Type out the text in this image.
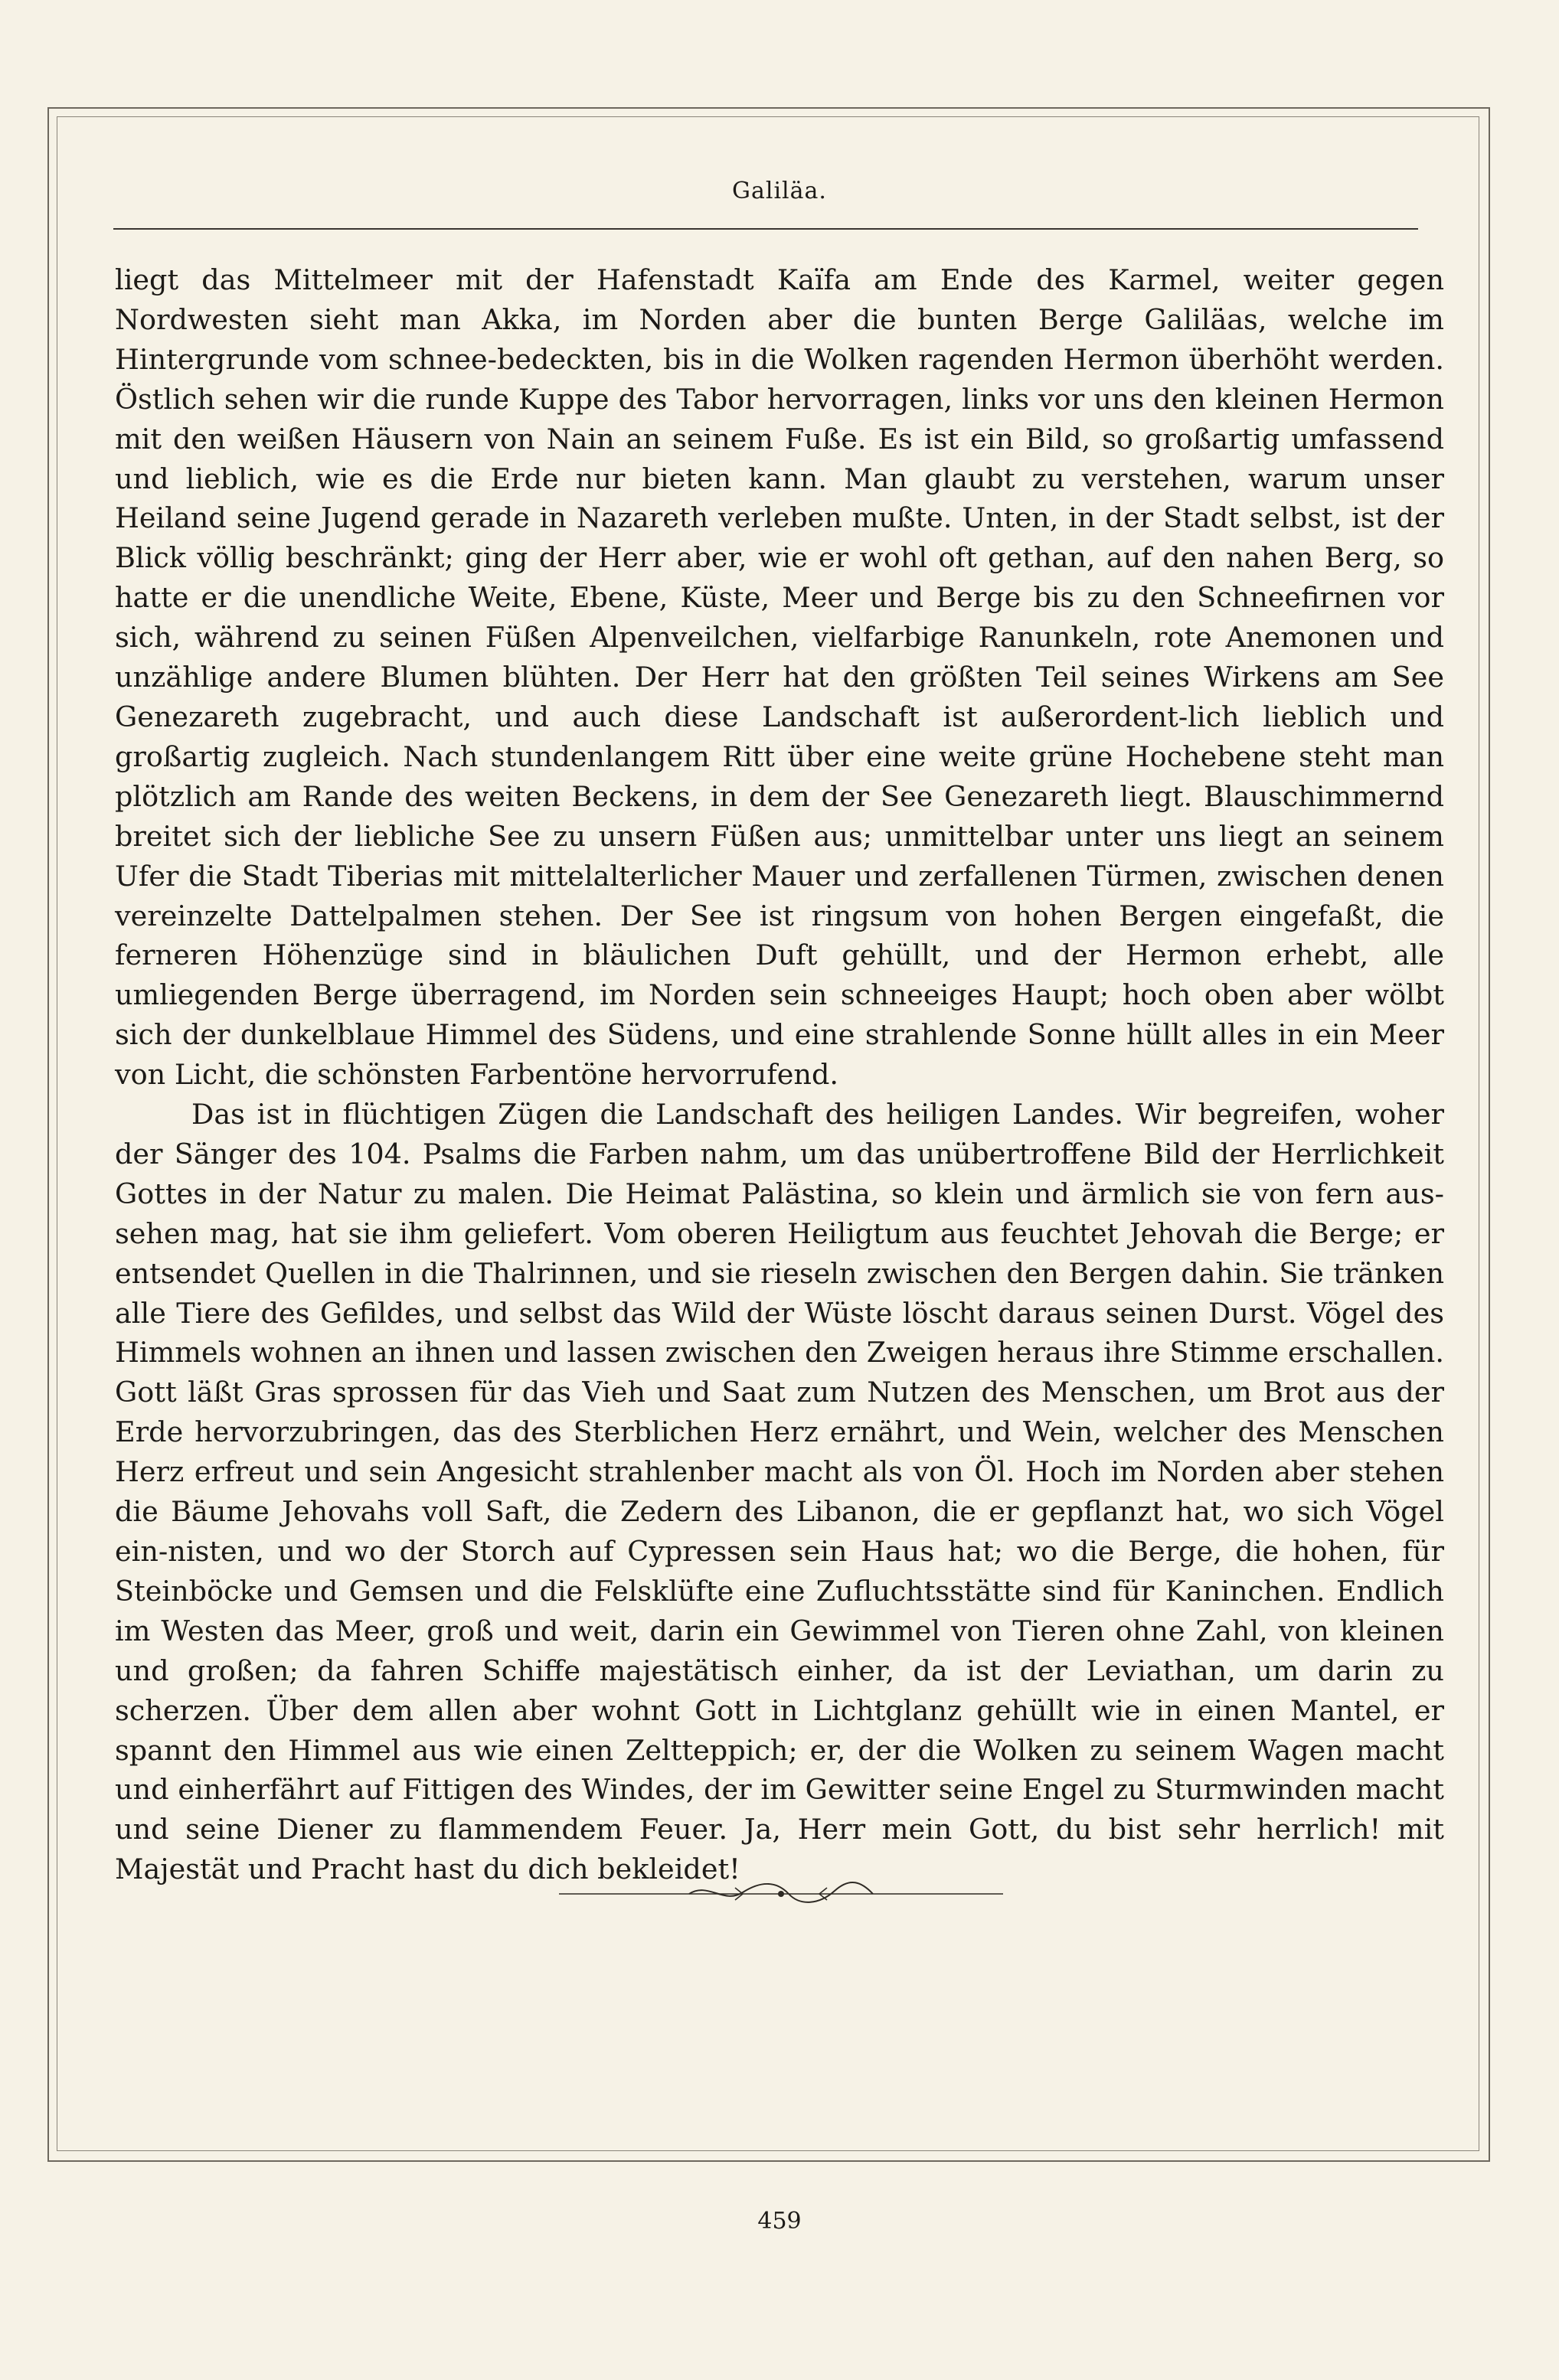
Galiläa.

liegt das Mittelmeer mit der Hafenstadt Kaïfa am Ende des Karmel, weiter gegen Nordwesten sieht man Akka, im Norden aber die bunten Berge Galiläas, welche im Hintergrunde vom schnee-bedeckten, bis in die Wolken ragenden Hermon überhöht werden. Östlich sehen wir die runde Kuppe des Tabor hervorragen, links vor uns den kleinen Hermon mit den weißen Häusern von Nain an seinem Fuße. Es ist ein Bild, so großartig umfassend und lieblich, wie es die Erde nur bieten kann. Man glaubt zu verstehen, warum unser Heiland seine Jugend gerade in Nazareth verleben mußte. Unten, in der Stadt selbst, ist der Blick völlig beschränkt; ging der Herr aber, wie er wohl oft gethan, auf den nahen Berg, so hatte er die unendliche Weite, Ebene, Küste, Meer und Berge bis zu den Schneefirnen vor sich, während zu seinen Füßen Alpenveilchen, vielfarbige Ranunkeln, rote Anemonen und unzählige andere Blumen blühten. Der Herr hat den größten Teil seines Wirkens am See Genezareth zugebracht, und auch diese Landschaft ist außerordent-lich lieblich und großartig zugleich. Nach stundenlangem Ritt über eine weite grüne Hochebene steht man plötzlich am Rande des weiten Beckens, in dem der See Genezareth liegt. Blauschimmernd breitet sich der liebliche See zu unsern Füßen aus; unmittelbar unter uns liegt an seinem Ufer die Stadt Tiberias mit mittelalterlicher Mauer und zerfallenen Türmen, zwischen denen vereinzelte Dattelpalmen stehen. Der See ist ringsum von hohen Bergen eingefaßt, die ferneren Höhenzüge sind in bläulichen Duft gehüllt, und der Hermon erhebt, alle umliegenden Berge überragend, im Norden sein schneeiges Haupt; hoch oben aber wölbt sich der dunkelblaue Himmel des Südens, und eine strahlende Sonne hüllt alles in ein Meer von Licht, die schönsten Farbentöne hervorrufend.

Das ist in flüchtigen Zügen die Landschaft des heiligen Landes. Wir begreifen, woher der Sänger des 104. Psalms die Farben nahm, um das unübertroffene Bild der Herrlichkeit Gottes in der Natur zu malen. Die Heimat Palästina, so klein und ärmlich sie von fern aus-sehen mag, hat sie ihm geliefert. Vom oberen Heiligtum aus feuchtet Jehovah die Berge; er entsendet Quellen in die Thalrinnen, und sie rieseln zwischen den Bergen dahin. Sie tränken alle Tiere des Gefildes, und selbst das Wild der Wüste löscht daraus seinen Durst. Vögel des Himmels wohnen an ihnen und lassen zwischen den Zweigen heraus ihre Stimme erschallen. Gott läßt Gras sprossen für das Vieh und Saat zum Nutzen des Menschen, um Brot aus der Erde hervorzubringen, das des Sterblichen Herz ernährt, und Wein, welcher des Menschen Herz erfreut und sein Angesicht strahlenber macht als von Öl. Hoch im Norden aber stehen die Bäume Jehovahs voll Saft, die Zedern des Libanon, die er gepflanzt hat, wo sich Vögel ein-nisten, und wo der Storch auf Cypressen sein Haus hat; wo die Berge, die hohen, für Steinböcke und Gemsen und die Felsklüfte eine Zufluchtsstätte sind für Kaninchen. Endlich im Westen das Meer, groß und weit, darin ein Gewimmel von Tieren ohne Zahl, von kleinen und großen; da fahren Schiffe majestätisch einher, da ist der Leviathan, um darin zu scherzen. Über dem allen aber wohnt Gott in Lichtglanz gehüllt wie in einen Mantel, er spannt den Himmel aus wie einen Zeltteppich; er, der die Wolken zu seinem Wagen macht und einherfährt auf Fittigen des Windes, der im Gewitter seine Engel zu Sturmwinden macht und seine Diener zu flammendem Feuer. Ja, Herr mein Gott, du bist sehr herrlich! mit Majestät und Pracht hast du dich bekleidet!

459
